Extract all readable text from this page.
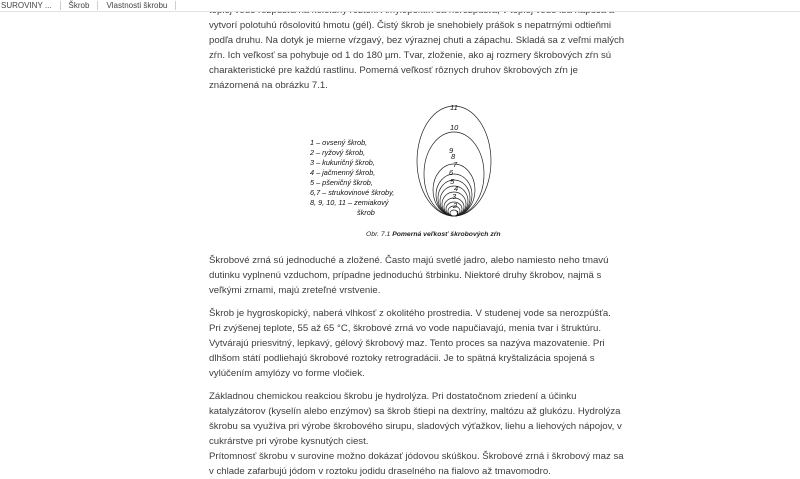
SUROVINY ... Škrob Vlastnosti škrobu
vytvorí polotuhú rôsolovitú hmotu (gél). Čistý škrob je snehobiely prášok s nepatrnými odtieňmi
podľa druhu. Na dotyk je mierne vŕzgavý, bez výraznej chuti a zápachu. Skladá sa z veľmi malých
zŕn. Ich veľkosť sa pohybuje od 1 do 180 µm. Tvar, zloženie, ako aj rozmery škrobových zŕn sú
charakteristické pre každú rastlinu. Pomerná veľkosť rôznych druhov škrobových zŕn je
znázornená na obrázku 7.1.
11
10
9
8
7
6
5
4
3
2
1
1 – ovsený škrob,
2 – ryžový škrob,
3 – kukuričný škrob,
4 – jačmenný škrob,
5 – pšeničný škrob,
6,7 – strukovinové škroby,
8, 9, 10, 11 – zemiakový
škrob
Obr. 7.1 Pomerná veľkosť škrobových zŕn
Škrobové zrná sú jednoduché a zložené. Často majú svetlé jadro, alebo namiesto neho tmavú
dutinku vyplnenú vzduchom, prípadne jednoduchú štrbinku. Niektoré druhy škrobov, najmä s
veľkými zrnami, majú zreteľné vrstvenie.
Škrob je hygroskopický, naberá vlhkosť z okolitého prostredia. V studenej vode sa nerozpúšťa.
Pri zvýšenej teplote, 55 až 65 °C, škrobové zrná vo vode napučiavajú, menia tvar i štruktúru.
Vytvárajú priesvitný, lepkavý, gélový škrobový maz. Tento proces sa nazýva mazovatenie. Pri
dlhšom státí podliehajú škrobové roztoky retrogradácii. Je to spätná kryštalizácia spojená s
vylúčením amylózy vo forme vločiek.
Základnou chemickou reakciou škrobu je hydrolýza. Pri dostatočnom zriedení a účinku
katalyzátorov (kyselín alebo enzýmov) sa škrob štiepi na dextríny, maltózu až glukózu. Hydrolýza
škrobu sa využíva pri výrobe škrobového sirupu, sladových výťažkov, liehu a liehových nápojov, v
cukrárstve pri výrobe kysnutých ciest.
Prítomnosť škrobu v surovine možno dokázať jódovou skúškou. Škrobové zrná i škrobový maz sa
v chlade zafarbujú jódom v roztoku jodidu draselného na fialovo až tmavomodro.
